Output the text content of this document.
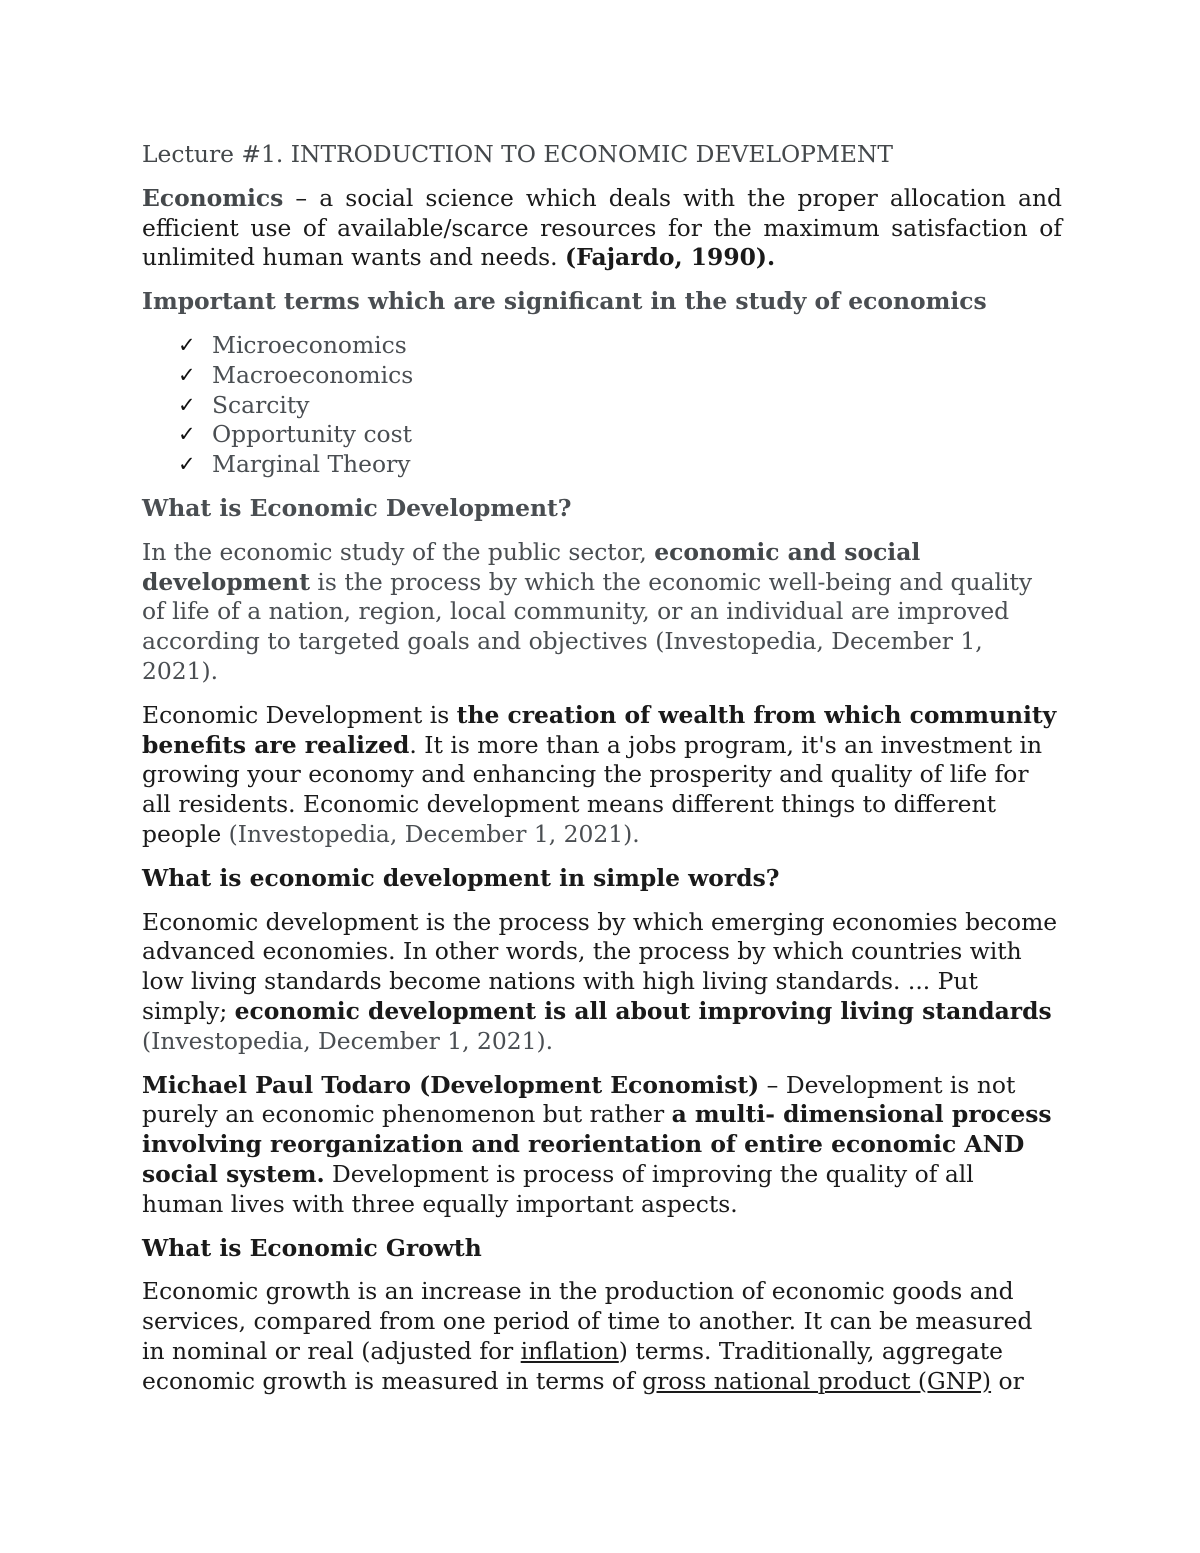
Lecture #1. INTRODUCTION TO ECONOMIC DEVELOPMENT

Economics – a social science which deals with the proper allocation and efficient use of available/scarce resources for the maximum satisfaction of unlimited human wants and needs. (Fajardo, 1990).

Important terms which are significant in the study of economics

✓ Microeconomics
✓ Macroeconomics
✓ Scarcity
✓ Opportunity cost
✓ Marginal Theory

What is Economic Development?

In the economic study of the public sector, economic and social development is the process by which the economic well-being and quality of life of a nation, region, local community, or an individual are improved according to targeted goals and objectives (Investopedia, December 1, 2021).

Economic Development is the creation of wealth from which community benefits are realized. It is more than a jobs program, it's an investment in growing your economy and enhancing the prosperity and quality of life for all residents. Economic development means different things to different people (Investopedia, December 1, 2021).

What is economic development in simple words?

Economic development is the process by which emerging economies become advanced economies. In other words, the process by which countries with low living standards become nations with high living standards. ... Put simply; economic development is all about improving living standards (Investopedia, December 1, 2021).

Michael Paul Todaro (Development Economist) – Development is not purely an economic phenomenon but rather a multi- dimensional process involving reorganization and reorientation of entire economic AND social system. Development is process of improving the quality of all human lives with three equally important aspects.

What is Economic Growth

Economic growth is an increase in the production of economic goods and services, compared from one period of time to another. It can be measured in nominal or real (adjusted for inflation) terms. Traditionally, aggregate economic growth is measured in terms of gross national product (GNP) or
